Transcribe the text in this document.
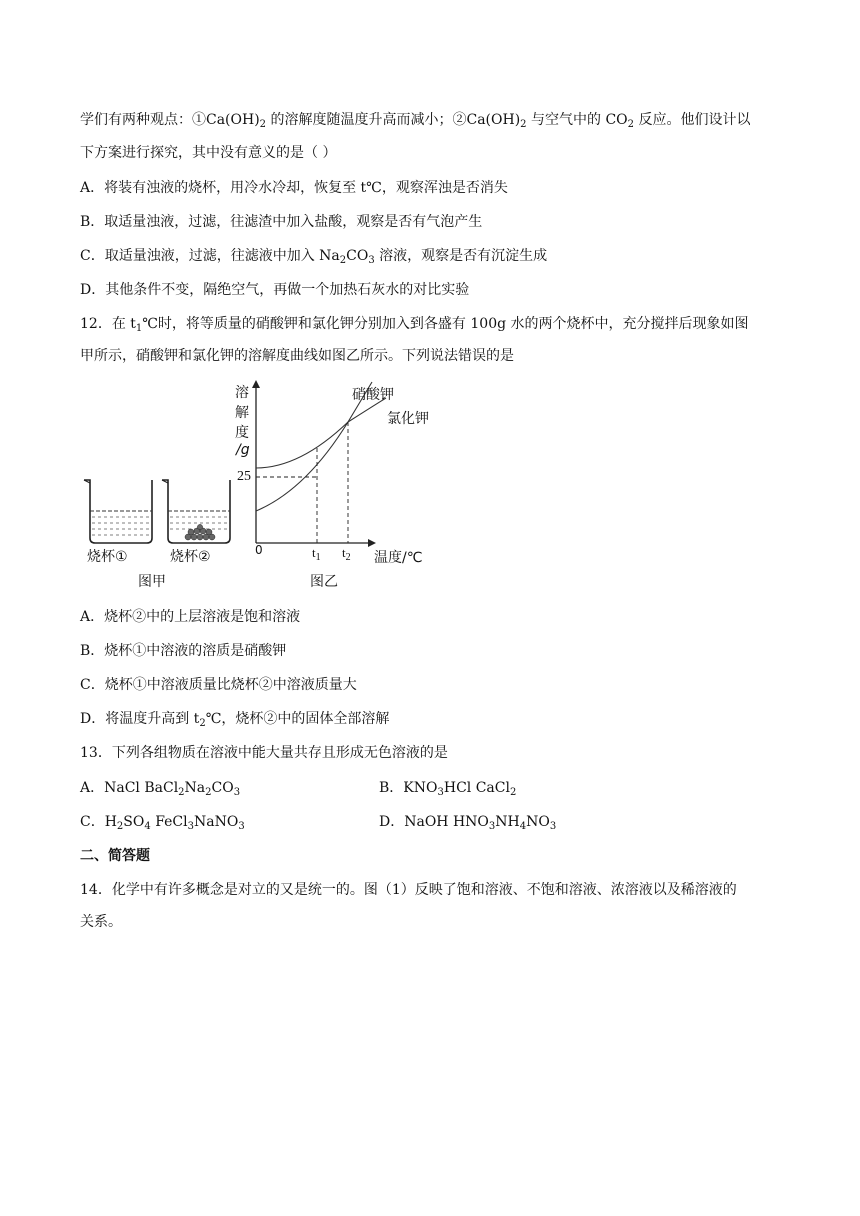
学们有两种观点：$①Ca(OH)_2$ 的溶解度随温度升高而减小；$②Ca(OH)_2$ 与空气中的 $CO_2$ 反应。他们设计以

下方案进行探究，其中没有意义的是（ ）

A．将装有浊液的烧杯，用冷水冷却，恢复至 t℃，观察浑浊是否消失

B．取适量浊液，过滤，往滤渣中加入盐酸，观察是否有气泡产生

C．取适量浊液，过滤，往滤液中加入 $Na_2CO_3$ 溶液，观察是否有沉淀生成

D．其他条件不变，隔绝空气，再做一个加热石灰水的对比实验

12．在 $t_1℃$时，将等质量的硝酸钾和氯化钾分别加入到各盛有 100g 水的两个烧杯中，充分搅拌后现象如图

甲所示，硝酸钾和氯化钾的溶解度曲线如图乙所示。下列说法错误的是

烧杯①	烧杯②
图甲	图乙
溶
解
度
/g
25
0	$t_1$ $t_2$ 温度/℃
硝酸钾
氯化钾

A．烧杯②中的上层溶液是饱和溶液

B．烧杯①中溶液的溶质是硝酸钾

C．烧杯①中溶液质量比烧杯②中溶液质量大

D．将温度升高到 $t_2℃$，烧杯②中的固体全部溶解

13．下列各组物质在溶液中能大量共存且形成无色溶液的是

A．NaCl $BaCl_2Na_2CO_3$	B．$KNO_3HCl$ CaCl$_2$

C．$H_2SO_4$ FeCl$_3$NaNO$_3$	D．NaOH $HNO_3NH_4NO_3$

二、简答题

14．化学中有许多概念是对立的又是统一的。图（1）反映了饱和溶液、不饱和溶液、浓溶液以及稀溶液的

关系。
